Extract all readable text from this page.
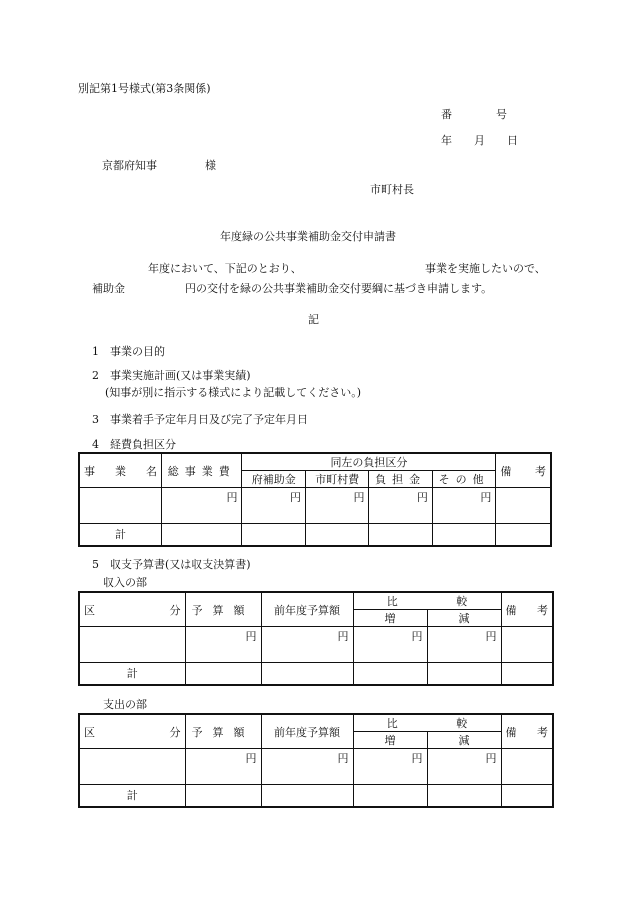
別記第1号様式(第3条関係)
番　　　　号
年　　月　　日
京都府知事	様
市町村長
年度緑の公共事業補助金交付申請書
年度において、下記のとおり、	事業を実施したいので、
補助金	円の交付を緑の公共事業補助金交付要綱に基づき申請します。
記
1　事業の目的
2　事業実施計画(又は事業実績)
(知事が別に指示する様式により記載してください。)
3　事業着手予定年月日及び完了予定年月日
4　経費負担区分
事 業 名	総事業費	同左の負担区分				備 考

		府補助金	市町村費	負担金	その他	
	円	円	円	円	円	
計						
5　収支予算書(又は収支決算書)
収入の部
区 分	予算額	前年度予算額	比 較		備 考

			増	減	
	円	円	円	円	
計					
支出の部
区 分	予算額	前年度予算額	比 較		備 考

			増	減	
	円	円	円	円	
計					
